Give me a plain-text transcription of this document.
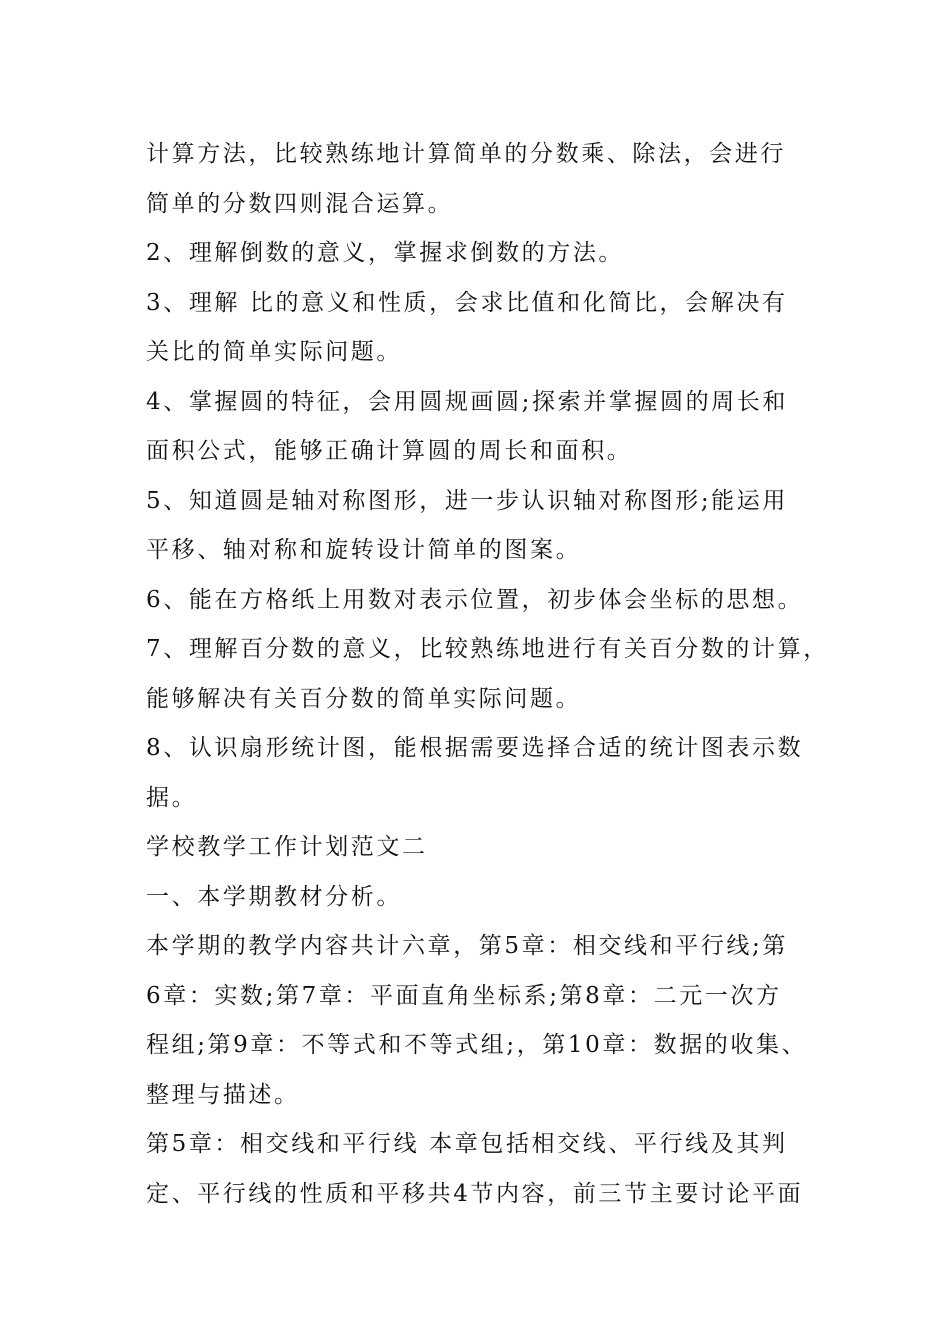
计算方法，比较熟练地计算简单的分数乘、除法，会进行
简单的分数四则混合运算。
2、理解倒数的意义，掌握求倒数的方法。
3、理解 比的意义和性质，会求比值和化简比，会解决有
关比的简单实际问题。
4、掌握圆的特征，会用圆规画圆;探索并掌握圆的周长和
面积公式，能够正确计算圆的周长和面积。
5、知道圆是轴对称图形，进一步认识轴对称图形;能运用
平移、轴对称和旋转设计简单的图案。
6、能在方格纸上用数对表示位置，初步体会坐标的思想。
7、理解百分数的意义，比较熟练地进行有关百分数的计算，
能够解决有关百分数的简单实际问题。
8、认识扇形统计图，能根据需要选择合适的统计图表示数
据。
学校教学工作计划范文二
一、本学期教材分析。
本学期的教学内容共计六章，第5章：相交线和平行线;第
6章：实数;第7章：平面直角坐标系;第8章：二元一次方
程组;第9章：不等式和不等式组;，第10章：数据的收集、
整理与描述。
第5章：相交线和平行线 本章包括相交线、平行线及其判
定、平行线的性质和平移共4节内容，前三节主要讨论平面
